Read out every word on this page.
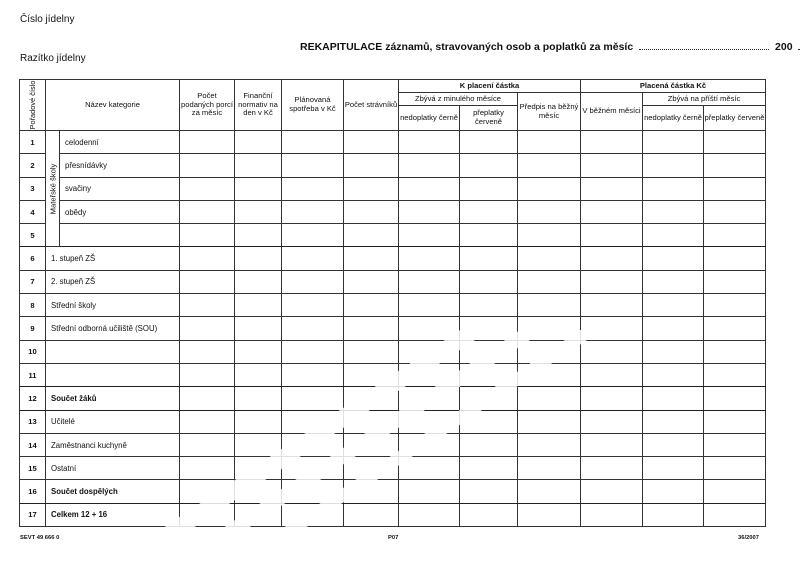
Číslo jídelny
Razítko jídelny
REKAPITULACE záznamů, stravovaných osob a poplatků za měsíc	200
Pořadové číslo	Název kategorie		Počet podaných porcí za měsíc	Finanční normativ na den v Kč	Plánovaná spotřeba v Kč	Počet strávníků	K placení částka			Placená částka Kč		
							Zbývá z minulého měsíce		Předpis na běžný měsíc	V běžném měsíci	Zbývá na příští měsíc	
							nedoplatky černě	přeplatky červeně			nedoplatky černě	přeplatky červeně
1	Mateřské školy	celodenní										
2		přesnídávky										
3		svačiny										
4		obědy										
5												
6	1. stupeň ZŠ											
7	2. stupeň ZŠ											
8	Střední školy											
9	Střední odborná učiliště (SOU)											
10												
11												
12	Součet žáků											
13	Učitelé											
14	Zaměstnanci kuchyně											
15	Ostatní											
16	Součet dospělých											
17	Celkem 12 + 16											
SEVT 49 666 0	P07	36/2007
